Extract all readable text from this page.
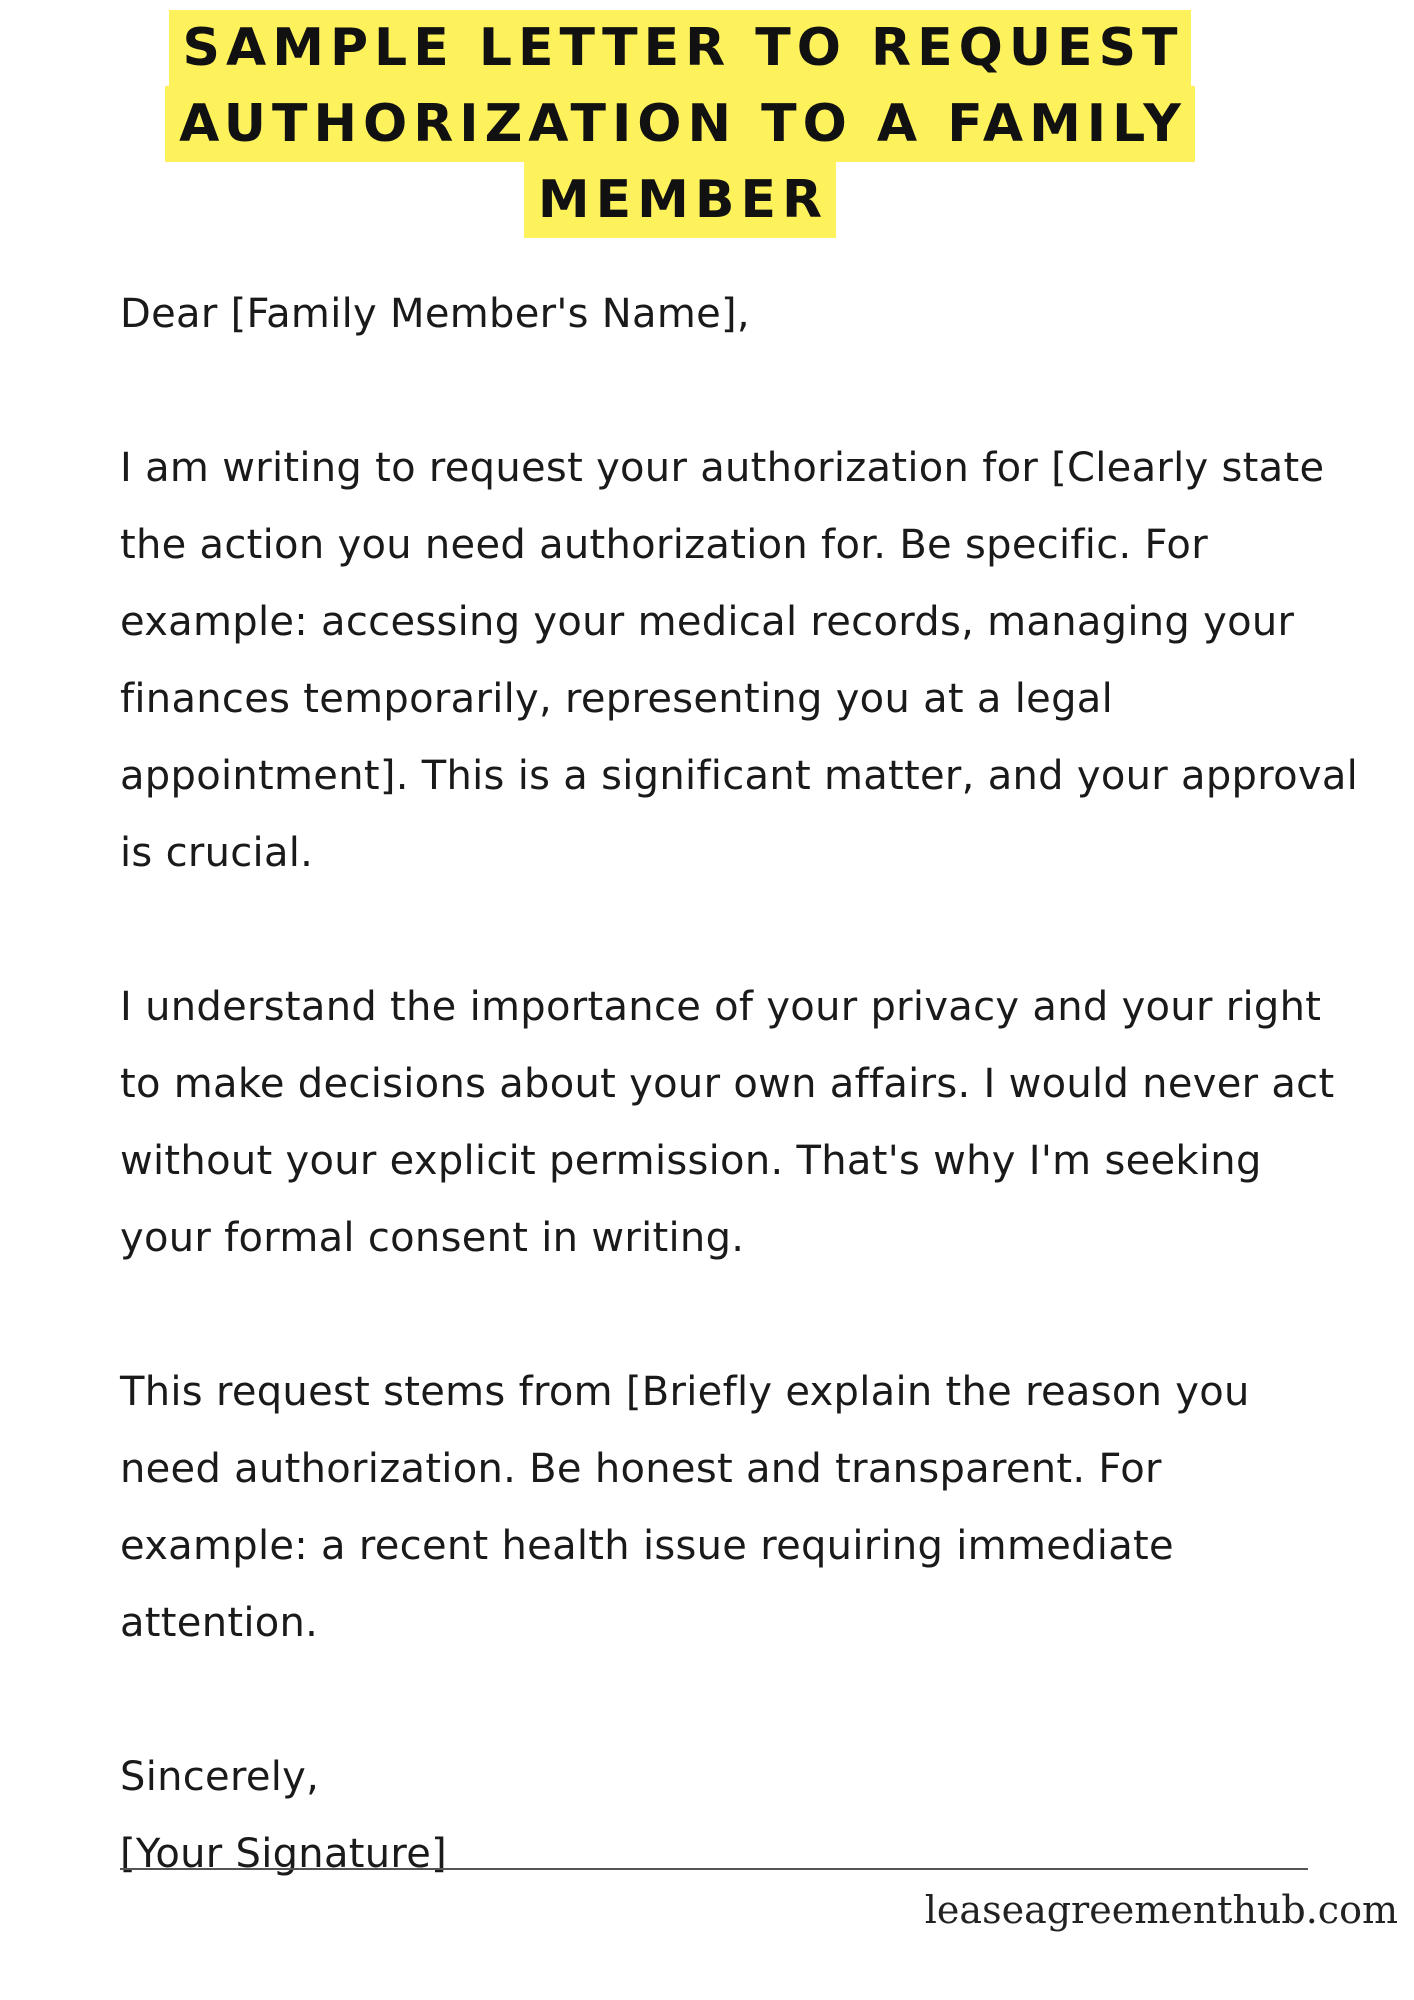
SAMPLE LETTER TO REQUEST
AUTHORIZATION TO A FAMILY
MEMBER

Dear [Family Member's Name],

I am writing to request your authorization for [Clearly state the action you need authorization for. Be specific. For example: accessing your medical records, managing your finances temporarily, representing you at a legal appointment]. This is a significant matter, and your approval is crucial.

I understand the importance of your privacy and your right to make decisions about your own affairs. I would never act without your explicit permission. That's why I'm seeking your formal consent in writing.

This request stems from [Briefly explain the reason you need authorization. Be honest and transparent. For example: a recent health issue requiring immediate attention.

Sincerely,

[Your Signature]

leaseagreementhub.com
